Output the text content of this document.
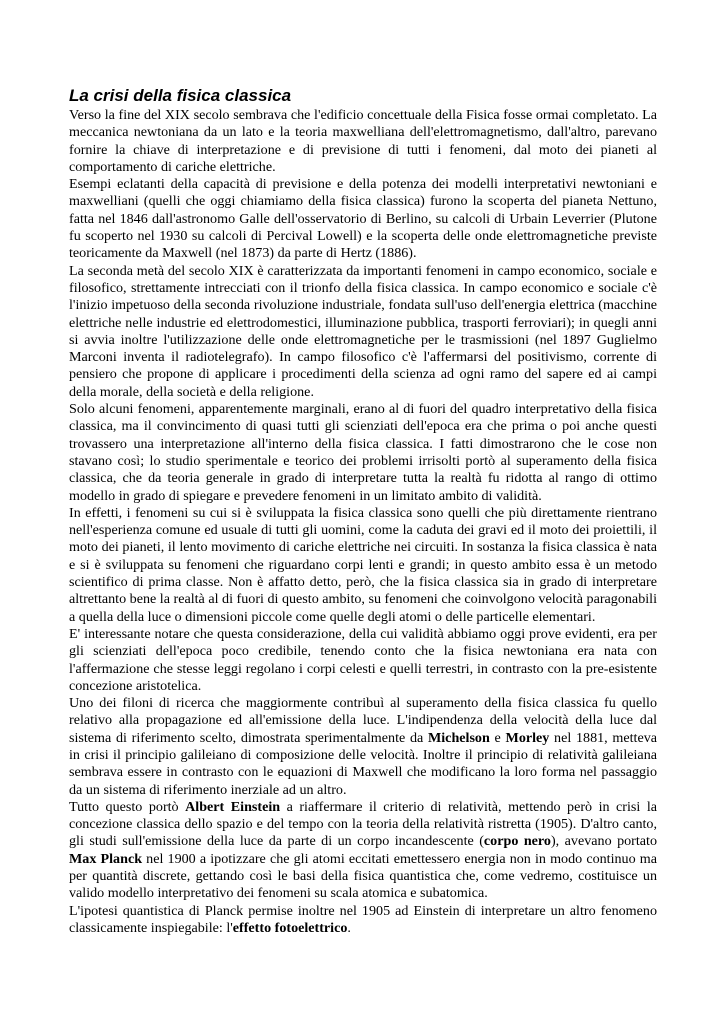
La crisi della fisica classica

Verso la fine del XIX secolo sembrava che l'edificio concettuale della Fisica fosse ormai completato. La meccanica newtoniana da un lato e la teoria maxwelliana dell'elettromagnetismo, dall'altro, parevano fornire la chiave di interpretazione e di previsione di tutti i fenomeni, dal moto dei pianeti al comportamento di cariche elettriche.

Esempi eclatanti della capacità di previsione e della potenza dei modelli interpretativi newtoniani e maxwelliani (quelli che oggi chiamiamo della fisica classica) furono la scoperta del pianeta Nettuno, fatta nel 1846 dall'astronomo Galle dell'osservatorio di Berlino, su calcoli di Urbain Leverrier (Plutone fu scoperto nel 1930 su calcoli di Percival Lowell) e la scoperta delle onde elettromagnetiche previste teoricamente da Maxwell (nel 1873) da parte di Hertz (1886).

La seconda metà del secolo XIX è caratterizzata da importanti fenomeni in campo economico, sociale e filosofico, strettamente intrecciati con il trionfo della fisica classica. In campo economico e sociale c'è l'inizio impetuoso della seconda rivoluzione industriale, fondata sull'uso dell'energia elettrica (macchine elettriche nelle industrie ed elettrodomestici, illuminazione pubblica, trasporti ferroviari); in quegli anni si avvia inoltre l'utilizzazione delle onde elettromagnetiche per le trasmissioni (nel 1897 Guglielmo Marconi inventa il radiotelegrafo). In campo filosofico c'è l'affermarsi del positivismo, corrente di pensiero che propone di applicare i procedimenti della scienza ad ogni ramo del sapere ed ai campi della morale, della società e della religione.

Solo alcuni fenomeni, apparentemente marginali, erano al di fuori del quadro interpretativo della fisica classica, ma il convincimento di quasi tutti gli scienziati dell'epoca era che prima o poi anche questi trovassero una interpretazione all'interno della fisica classica. I fatti dimostrarono che le cose non stavano così; lo studio sperimentale e teorico dei problemi irrisolti portò al superamento della fisica classica, che da teoria generale in grado di interpretare tutta la realtà fu ridotta al rango di ottimo modello in grado di spiegare e prevedere fenomeni in un limitato ambito di validità.

In effetti, i fenomeni su cui si è sviluppata la fisica classica sono quelli che più direttamente rientrano nell'esperienza comune ed usuale di tutti gli uomini, come la caduta dei gravi ed il moto dei proiettili, il moto dei pianeti, il lento movimento di cariche elettriche nei circuiti. In sostanza la fisica classica è nata e si è sviluppata su fenomeni che riguardano corpi lenti e grandi; in questo ambito essa è un metodo scientifico di prima classe. Non è affatto detto, però, che la fisica classica sia in grado di interpretare altrettanto bene la realtà al di fuori di questo ambito, su fenomeni che coinvolgono velocità paragonabili a quella della luce o dimensioni piccole come quelle degli atomi o delle particelle elementari.

E' interessante notare che questa considerazione, della cui validità abbiamo oggi prove evidenti, era per gli scienziati dell'epoca poco credibile, tenendo conto che la fisica newtoniana era nata con l'affermazione che stesse leggi regolano i corpi celesti e quelli terrestri, in contrasto con la pre-esistente concezione aristotelica.

Uno dei filoni di ricerca che maggiormente contribuì al superamento della fisica classica fu quello relativo alla propagazione ed all'emissione della luce. L'indipendenza della velocità della luce dal sistema di riferimento scelto, dimostrata sperimentalmente da Michelson e Morley nel 1881, metteva in crisi il principio galileiano di composizione delle velocità. Inoltre il principio di relatività galileiana sembrava essere in contrasto con le equazioni di Maxwell che modificano la loro forma nel passaggio da un sistema di riferimento inerziale ad un altro.

Tutto questo portò Albert Einstein a riaffermare il criterio di relatività, mettendo però in crisi la concezione classica dello spazio e del tempo con la teoria della relatività ristretta (1905). D'altro canto, gli studi sull'emissione della luce da parte di un corpo incandescente (corpo nero), avevano portato Max Planck nel 1900 a ipotizzare che gli atomi eccitati emettessero energia non in modo continuo ma per quantità discrete, gettando così le basi della fisica quantistica che, come vedremo, costituisce un valido modello interpretativo dei fenomeni su scala atomica e subatomica.

L'ipotesi quantistica di Planck permise inoltre nel 1905 ad Einstein di interpretare un altro fenomeno classicamente inspiegabile: l'effetto fotoelettrico.
